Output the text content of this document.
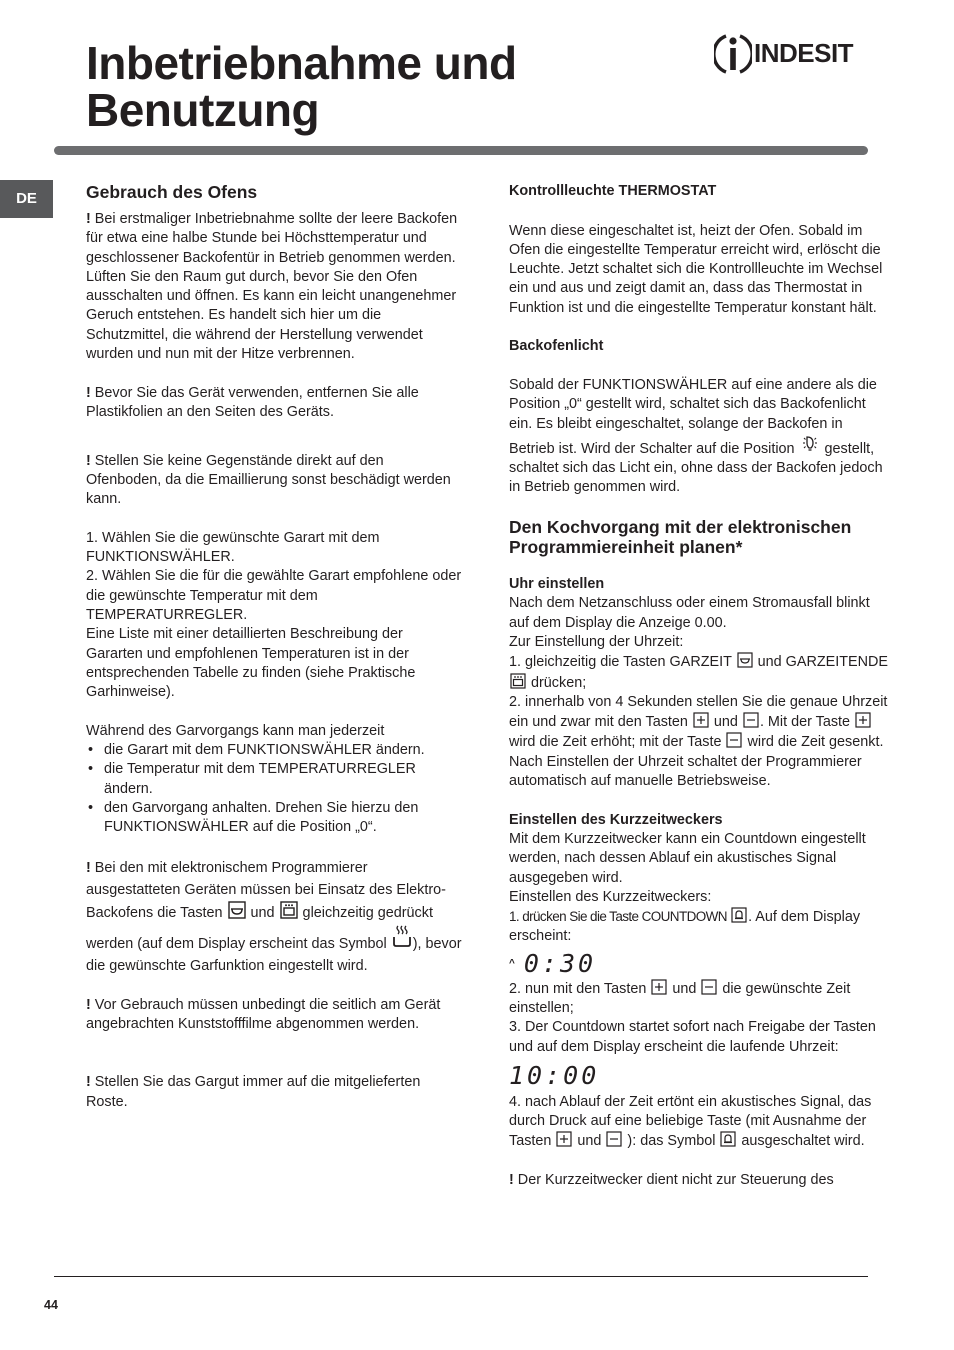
Inbetriebnahme und Benutzung
INDESIT
DE	Gebrauch des Ofens

! Bei erstmaliger Inbetriebnahme sollte der leere Backofen für etwa eine halbe Stunde bei Höchsttemperatur und geschlossener Backofentür in Betrieb genommen werden. Lüften Sie den Raum gut durch, bevor Sie den Ofen ausschalten und öffnen. Es kann ein leicht unangenehmer Geruch entstehen. Es handelt sich hier um die Schutzmittel, die während der Herstellung verwendet wurden und nun mit der Hitze verbrennen.

! Bevor Sie das Gerät verwenden, entfernen Sie alle Plastikfolien an den Seiten des Geräts.

! Stellen Sie keine Gegenstände direkt auf den Ofenboden, da die Emaillierung sonst beschädigt werden kann.

1. Wählen Sie die gewünschte Garart mit dem FUNKTIONSWÄHLER.

2. Wählen Sie die für die gewählte Garart empfohlene oder die gewünschte Temperatur mit dem TEMPERATURREGLER.

Eine Liste mit einer detaillierten Beschreibung der Gararten und empfohlenen Temperaturen ist in der entsprechenden Tabelle zu finden (siehe Praktische Garhinweise).

Während des Garvorgangs kann man jederzeit

• die Garart mit dem FUNKTIONSWÄHLER ändern.
• die Temperatur mit dem TEMPERATURREGLER ändern.
• den Garvorgang anhalten. Drehen Sie hierzu den FUNKTIONSWÄHLER auf die Position „0“.

! Bei den mit elektronischem Programmierer ausgestatteten Geräten müssen bei Einsatz des Elektro-Backofens die Tasten  und  gleichzeitig gedrückt werden (auf dem Display erscheint das Symbol ), bevor die gewünschte Garfunktion eingestellt wird.

! Vor Gebrauch müssen unbedingt die seitlich am Gerät angebrachten Kunststofffilme abgenommen werden.

! Stellen Sie das Gargut immer auf die mitgelieferten Roste.

Kontrollleuchte THERMOSTAT

Wenn diese eingeschaltet ist, heizt der Ofen. Sobald im Ofen die eingestellte Temperatur erreicht wird, erlöscht die Leuchte. Jetzt schaltet sich die Kontrollleuchte im Wechsel ein und aus und zeigt damit an, dass das Thermostat in Funktion ist und die eingestellte Temperatur konstant hält.

Backofenlicht

Sobald der FUNKTIONSWÄHLER auf eine andere als die Position „0“ gestellt wird, schaltet sich das Backofenlicht ein. Es bleibt eingeschaltet, solange der Backofen in Betrieb ist. Wird der Schalter auf die Position  gestellt, schaltet sich das Licht ein, ohne dass der Backofen jedoch in Betrieb genommen wird.

Den Kochvorgang mit der elektronischen Programmiereinheit planen*

Uhr einstellen

Nach dem Netzanschluss oder einem Stromausfall blinkt auf dem Display die Anzeige 0.00.

Zur Einstellung der Uhrzeit:

1. gleichzeitig die Tasten GARZEIT  und GARZEITENDE  drücken;

2. innerhalb von 4 Sekunden stellen Sie die genaue Uhrzeit ein und zwar mit den Tasten  und . Mit der Taste  wird die Zeit erhöht; mit der Taste  wird die Zeit gesenkt.

Nach Einstellen der Uhrzeit schaltet der Programmierer automatisch auf manuelle Betriebsweise.

Einstellen des Kurzzeitweckers

Mit dem Kurzzeitwecker kann ein Countdown eingestellt werden, nach dessen Ablauf ein akustisches Signal ausgegeben wird.

Einstellen des Kurzzeitweckers:

1. drücken Sie die Taste COUNTDOWN . Auf dem Display erscheint:

^ 0:30

2. nun mit den Tasten  und  die gewünschte Zeit einstellen;

3. Der Countdown startet sofort nach Freigabe der Tasten und auf dem Display erscheint die laufende Uhrzeit:

10:00

4. nach Ablauf der Zeit ertönt ein akustisches Signal, das durch Druck auf eine beliebige Taste (mit Ausnahme der Tasten  und  ): das Symbol  ausgeschaltet wird.

! Der Kurzzeitwecker dient nicht zur Steuerung des

44
